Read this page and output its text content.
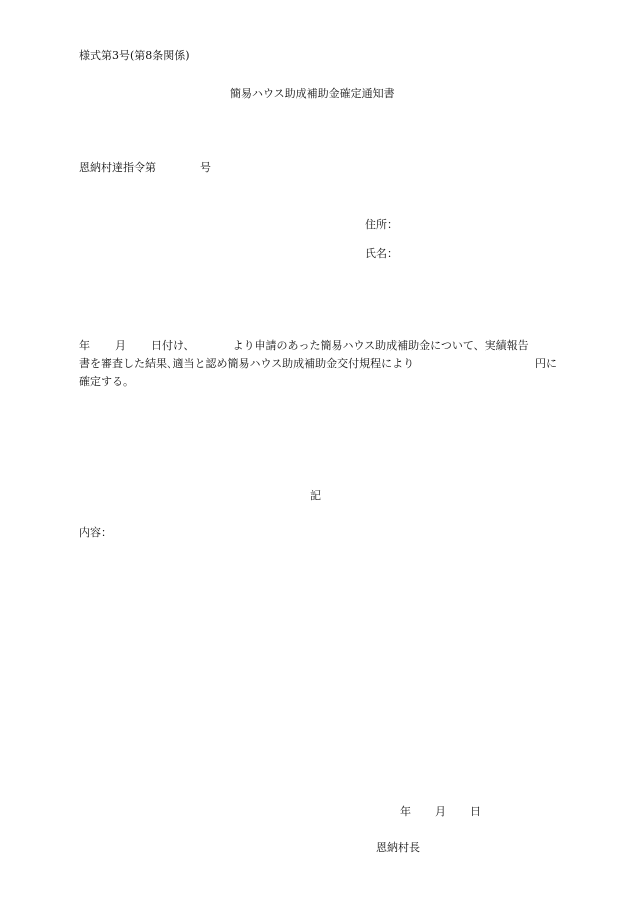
様式第3号(第8条関係)
簡易ハウス助成補助金確定通知書
恩納村達指令第	号
住所：
氏名：
年 月 日付け、	より申請のあった簡易ハウス助成補助金について、実績報告
書を審査した結果､適当と認め簡易ハウス助成補助金交付規程により	円に
確定する。
記
内容：
年 月 日
恩納村長
